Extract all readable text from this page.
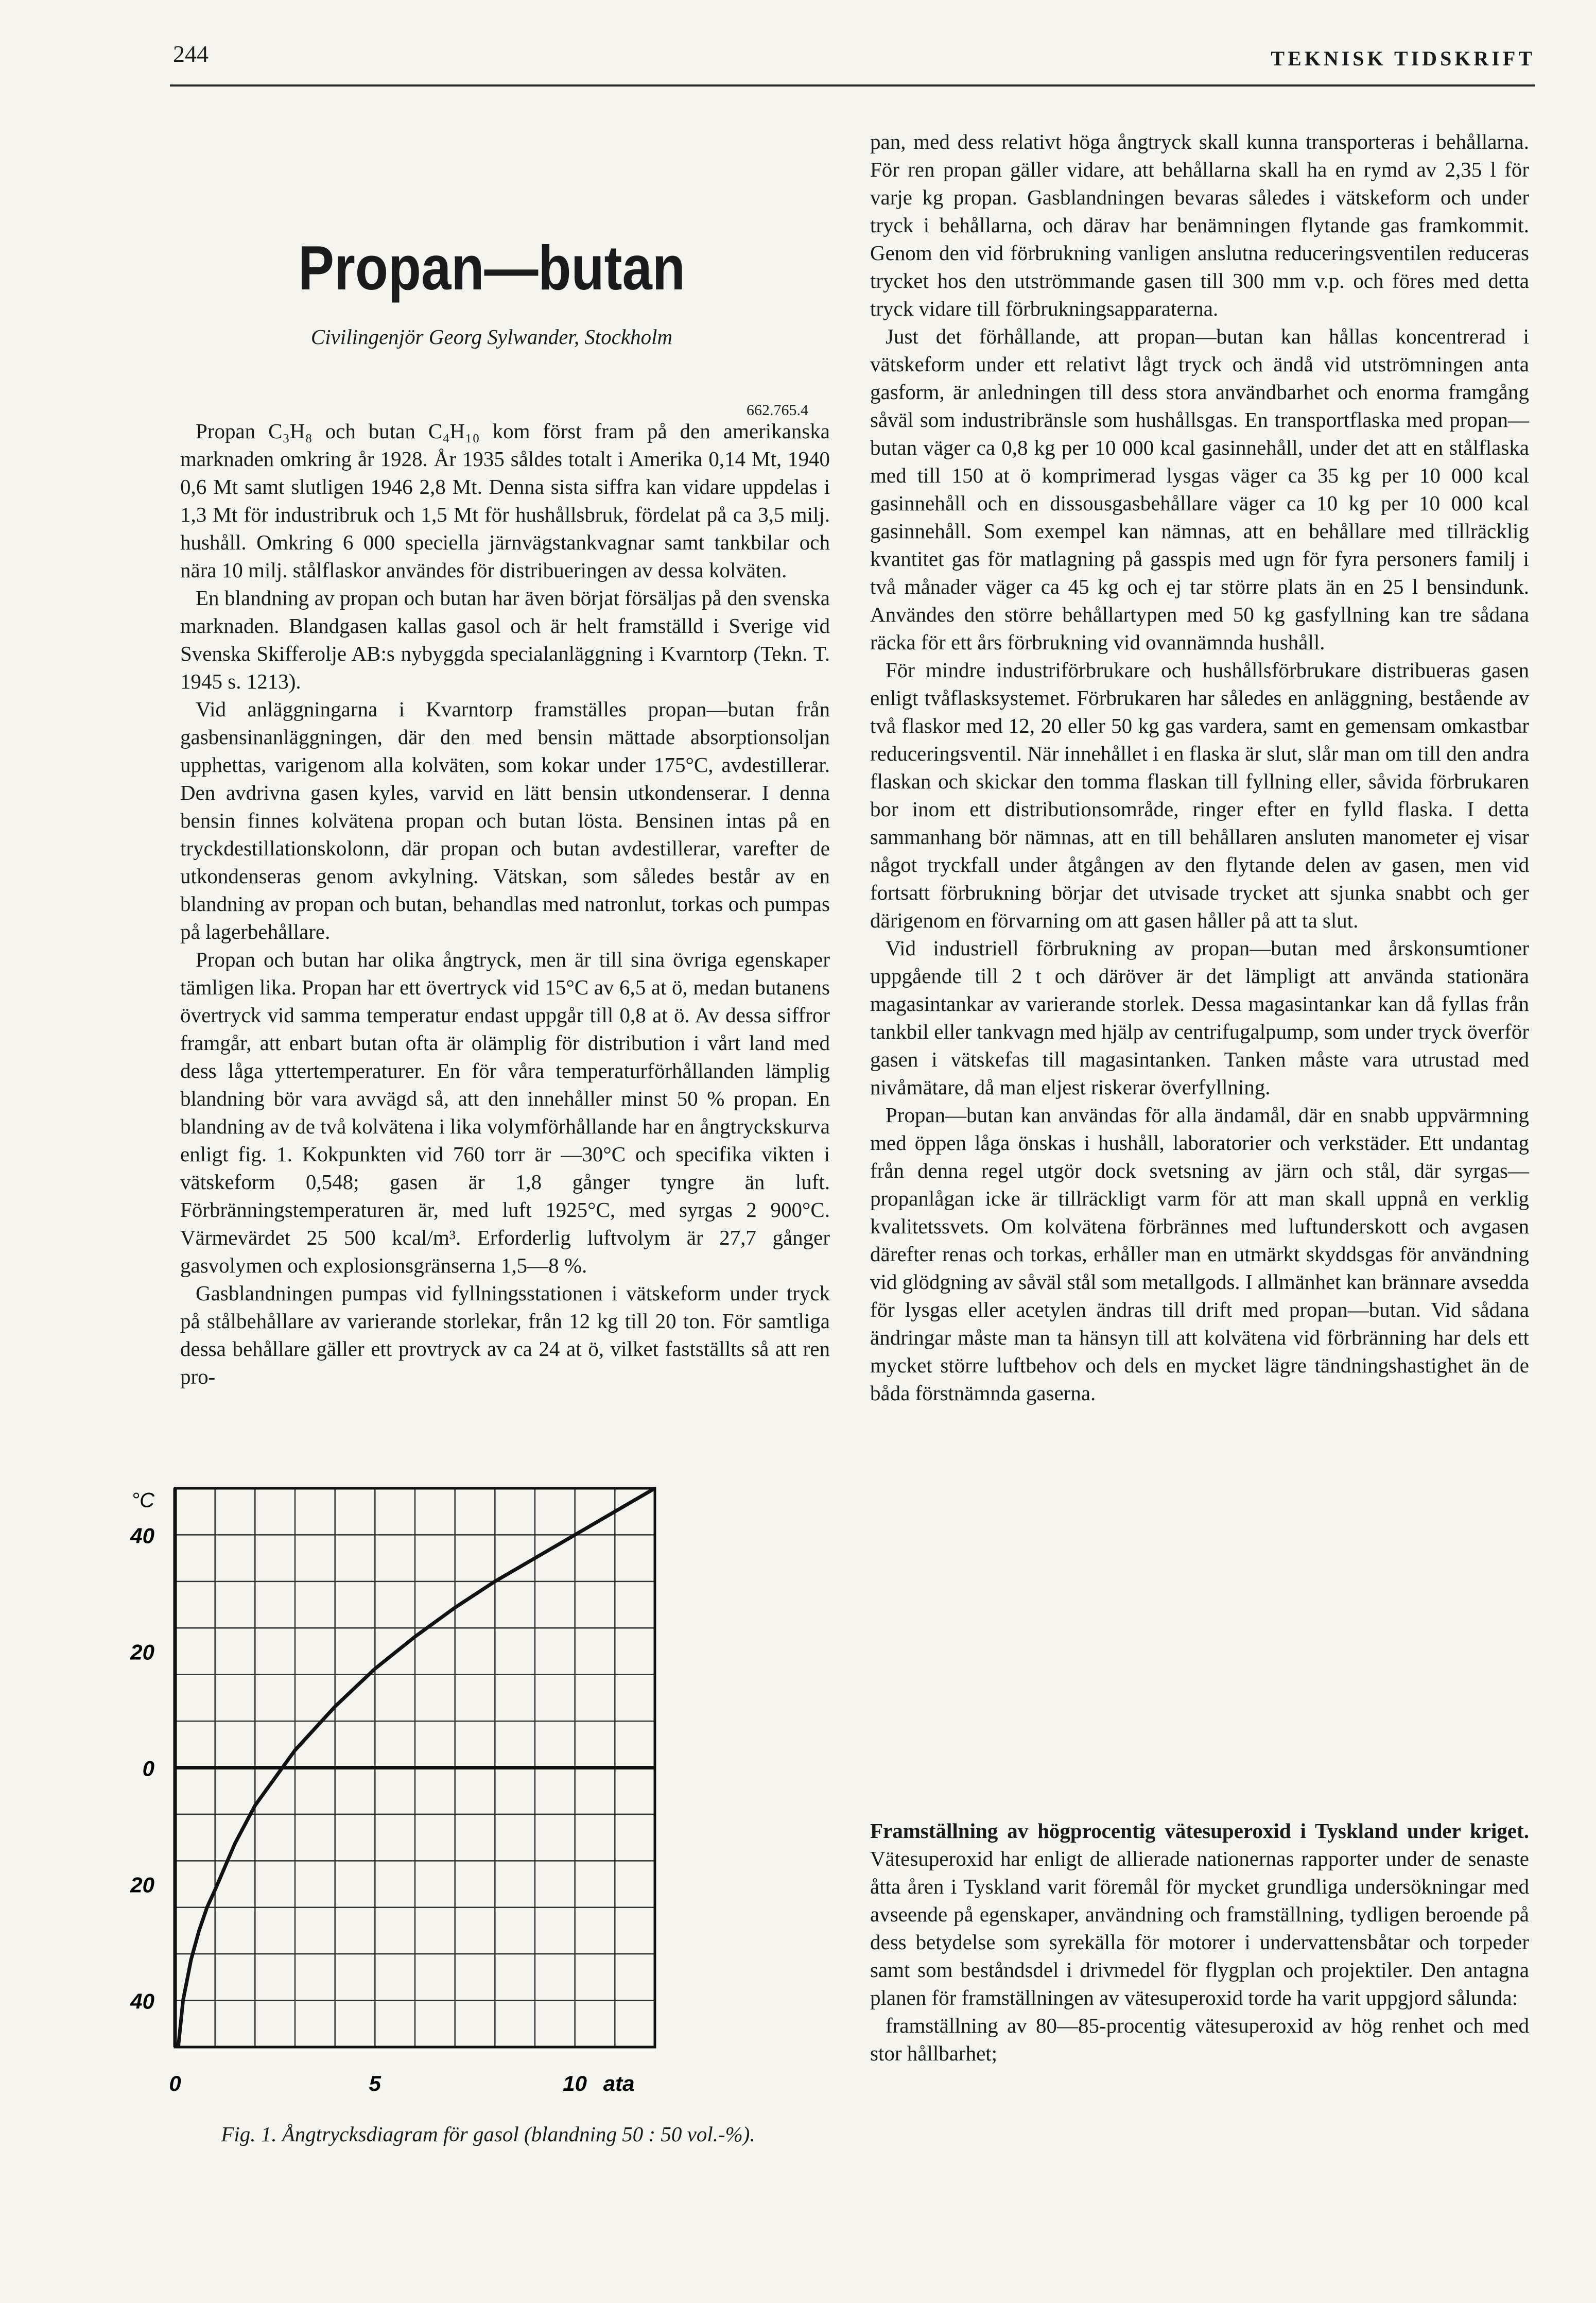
244	TEKNISK TIDSKRIFT
Propan—butan
Civilingenjör Georg Sylwander, Stockholm
662.765.4

Propan C₃H₈ och butan C₄H₁₀ kom först fram på den amerikanska marknaden omkring år 1928. År 1935 såldes totalt i Amerika 0,14 Mt, 1940 0,6 Mt samt slutligen 1946 2,8 Mt. Denna sista siffra kan vidare uppdelas i 1,3 Mt för industribruk och 1,5 Mt för hushållsbruk, fördelat på ca 3,5 milj. hushåll. Omkring 6 000 speciella järnvägstankvagnar samt tankbilar och nära 10 milj. stålflaskor användes för distribueringen av dessa kolväten.

En blandning av propan och butan har även börjat försäljas på den svenska marknaden. Blandgasen kallas gasol och är helt framställd i Sverige vid Svenska Skifferolje AB:s nybyggda specialanläggning i Kvarntorp (Tekn. T. 1945 s. 1213).

Vid anläggningarna i Kvarntorp framställes propan—butan från gasbensinanläggningen, där den med bensin mättade absorptionsoljan upphettas, varigenom alla kolväten, som kokar under 175°C, avdestillerar. Den avdrivna gasen kyles, varvid en lätt bensin utkondenserar. I denna bensin finnes kolvätena propan och butan lösta. Bensinen intas på en tryckdestillationskolonn, där propan och butan avdestillerar, varefter de utkondenseras genom avkylning. Vätskan, som således består av en blandning av propan och butan, behandlas med natronlut, torkas och pumpas på lagerbehållare.

Propan och butan har olika ångtryck, men är till sina övriga egenskaper tämligen lika. Propan har ett övertryck vid 15°C av 6,5 at ö, medan butanens övertryck vid samma temperatur endast uppgår till 0,8 at ö. Av dessa siffror framgår, att enbart butan ofta är olämplig för distribution i vårt land med dess låga yttertemperaturer. En för våra temperaturförhållanden lämplig blandning bör vara avvägd så, att den innehåller minst 50 % propan. En blandning av de två kolvätena i lika volymförhållande har en ångtryckskurva enligt fig. 1. Kokpunkten vid 760 torr är —30°C och specifika vikten i vätskeform 0,548; gasen är 1,8 gånger tyngre än luft. Förbränningstemperaturen är, med luft 1925°C, med syrgas 2 900°C. Värmevärdet 25 500 kcal/m³. Erforderlig luftvolym är 27,7 gånger gasvolymen och explosionsgränserna 1,5—8 %.

Gasblandningen pumpas vid fyllningsstationen i vätskeform under tryck på stålbehållare av varierande storlekar, från 12 kg till 20 ton. För samtliga dessa behållare gäller ett provtryck av ca 24 at ö, vilket fastställts så att ren pro-

pan, med dess relativt höga ångtryck skall kunna transporteras i behållarna. För ren propan gäller vidare, att behållarna skall ha en rymd av 2,35 l för varje kg propan. Gasblandningen bevaras således i vätskeform och under tryck i behållarna, och därav har benämningen flytande gas framkommit. Genom den vid förbrukning vanligen anslutna reduceringsventilen reduceras trycket hos den utströmmande gasen till 300 mm v.p. och föres med detta tryck vidare till förbrukningsapparaterna.

Just det förhållande, att propan—butan kan hållas koncentrerad i vätskeform under ett relativt lågt tryck och ändå vid utströmningen anta gasform, är anledningen till dess stora användbarhet och enorma framgång såväl som industribränsle som hushållsgas. En transportflaska med propan—butan väger ca 0,8 kg per 10 000 kcal gasinnehåll, under det att en stålflaska med till 150 at ö komprimerad lysgas väger ca 35 kg per 10 000 kcal gasinnehåll och en dissousgasbehållare väger ca 10 kg per 10 000 kcal gasinnehåll. Som exempel kan nämnas, att en behållare med tillräcklig kvantitet gas för matlagning på gasspis med ugn för fyra personers familj i två månader väger ca 45 kg och ej tar större plats än en 25 l bensindunk. Användes den större behållartypen med 50 kg gasfyllning kan tre sådana räcka för ett års förbrukning vid ovannämnda hushåll.

För mindre industriförbrukare och hushållsförbrukare distribueras gasen enligt tvåflasksystemet. Förbrukaren har således en anläggning, bestående av två flaskor med 12, 20 eller 50 kg gas vardera, samt en gemensam omkastbar reduceringsventil. När innehållet i en flaska är slut, slår man om till den andra flaskan och skickar den tomma flaskan till fyllning eller, såvida förbrukaren bor inom ett distributionsområde, ringer efter en fylld flaska. I detta sammanhang bör nämnas, att en till behållaren ansluten manometer ej visar något tryckfall under åtgången av den flytande delen av gasen, men vid fortsatt förbrukning börjar det utvisade trycket att sjunka snabbt och ger därigenom en förvarning om att gasen håller på att ta slut.

Vid industriell förbrukning av propan—butan med årskonsumtioner uppgående till 2 t och däröver är det lämpligt att använda stationära magasintankar av varierande storlek. Dessa magasintankar kan då fyllas från tankbil eller tankvagn med hjälp av centrifugalpump, som under tryck överför gasen i vätskefas till magasintanken. Tanken måste vara utrustad med nivåmätare, då man eljest riskerar överfyllning.

Propan—butan kan användas för alla ändamål, där en snabb uppvärmning med öppen låga önskas i hushåll, laboratorier och verkstäder. Ett undantag från denna regel utgör dock svetsning av järn och stål, där syrgas—propanlågan icke är tillräckligt varm för att man skall uppnå en verklig kvalitetssvets. Om kolvätena förbrännes med luftunderskott och avgasen därefter renas och torkas, erhåller man en utmärkt skyddsgas för användning vid glödgning av såväl stål som metallgods. I allmänhet kan brännare avsedda för lysgas eller acetylen ändras till drift med propan—butan. Vid sådana ändringar måste man ta hänsyn till att kolvätena vid förbränning har dels ett mycket större luftbehov och dels en mycket lägre tändningshastighet än de båda förstnämnda gaserna.

Framställning av högprocentig vätesuperoxid i Tyskland under kriget. Vätesuperoxid har enligt de allierade nationernas rapporter under de senaste åtta åren i Tyskland varit föremål för mycket grundliga undersökningar med avseende på egenskaper, användning och framställning, tydligen beroende på dess betydelse som syrekälla för motorer i undervattensbåtar och torpeder samt som beståndsdel i drivmedel för flygplan och projektiler. Den antagna planen för framställningen av vätesuperoxid torde ha varit uppgjord sålunda:

framställning av 80—85-procentig vätesuperoxid av hög renhet och med stor hållbarhet;

40
20
0
20
40
°C
0	5	10 ata
Fig. 1. Ångtrycksdiagram för gasol (blandning 50 : 50 vol.-%).
